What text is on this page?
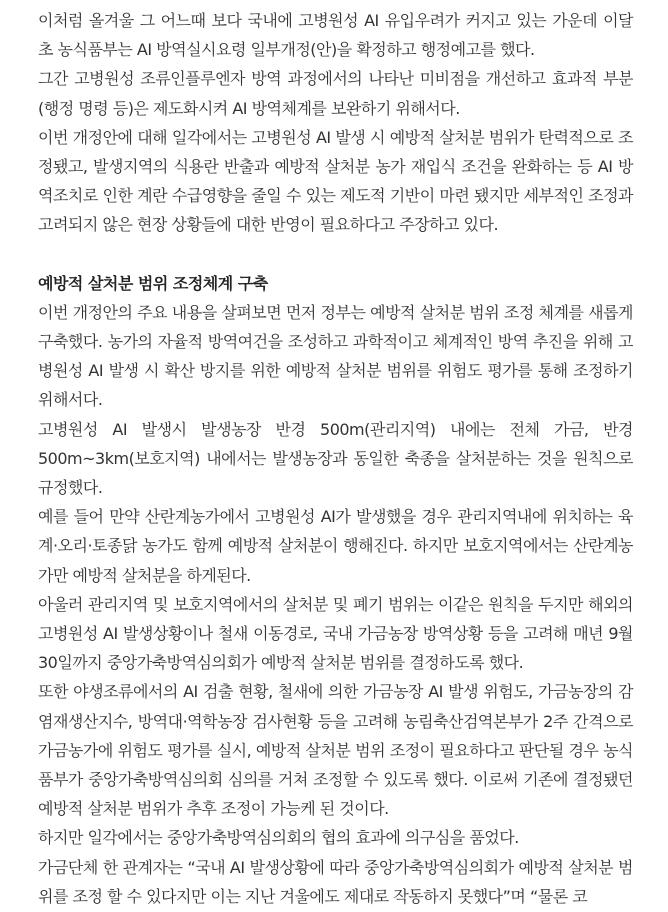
이처럼 올겨울 그 어느때 보다 국내에 고병원성 AI 유입우려가 커지고 있는 가운데 이달 초 농식품부는 AI 방역실시요령 일부개정(안)을 확정하고 행정예고를 했다.

그간 고병원성 조류인플루엔자 방역 과정에서의 나타난 미비점을 개선하고 효과적 부분(행정 명령 등)은 제도화시켜 AI 방역체계를 보완하기 위해서다.

이번 개정안에 대해 일각에서는 고병원성 AI 발생 시 예방적 살처분 범위가 탄력적으로 조정됐고, 발생지역의 식용란 반출과 예방적 살처분 농가 재입식 조건을 완화하는 등 AI 방역조치로 인한 계란 수급영향을 줄일 수 있는 제도적 기반이 마련 됐지만 세부적인 조정과 고려되지 않은 현장 상황들에 대한 반영이 필요하다고 주장하고 있다.

예방적 살처분 범위 조정체계 구축

이번 개정안의 주요 내용을 살펴보면 먼저 정부는 예방적 살처분 범위 조정 체계를 새롭게 구축했다. 농가의 자율적 방역여건을 조성하고 과학적이고 체계적인 방역 추진을 위해 고병원성 AI 발생 시 확산 방지를 위한 예방적 살처분 범위를 위험도 평가를 통해 조정하기 위해서다.

고병원성 AI 발생시 발생농장 반경 500m(관리지역) 내에는 전체 가금, 반경 500m~3km(보호지역) 내에서는 발생농장과 동일한 축종을 살처분하는 것을 원칙으로 규정했다.

예를 들어 만약 산란계농가에서 고병원성 AI가 발생했을 경우 관리지역내에 위치하는 육계·오리·토종닭 농가도 함께 예방적 살처분이 행해진다. 하지만 보호지역에서는 산란계농가만 예방적 살처분을 하게된다.

아울러 관리지역 및 보호지역에서의 살처분 및 폐기 범위는 이같은 원칙을 두지만 해외의 고병원성 AI 발생상황이나 철새 이동경로, 국내 가금농장 방역상황 등을 고려해 매년 9월 30일까지 중앙가축방역심의회가 예방적 살처분 범위를 결정하도록 했다.

또한 야생조류에서의 AI 검출 현황, 철새에 의한 가금농장 AI 발생 위험도, 가금농장의 감염재생산지수, 방역대·역학농장 검사현황 등을 고려해 농림축산검역본부가 2주 간격으로 가금농가에 위험도 평가를 실시, 예방적 살처분 범위 조정이 필요하다고 판단될 경우 농식품부가 중앙가축방역심의회 심의를 거쳐 조정할 수 있도록 했다. 이로써 기존에 결정됐던 예방적 살처분 범위가 추후 조정이 가능케 된 것이다.

하지만 일각에서는 중앙가축방역심의회의 협의 효과에 의구심을 품었다.

가금단체 한 관계자는 “국내 AI 발생상황에 따라 중앙가축방역심의회가 예방적 살처분 범위를 조정 할 수 있다지만 이는 지난 겨울에도 제대로 작동하지 못했다”며 “물론 코
